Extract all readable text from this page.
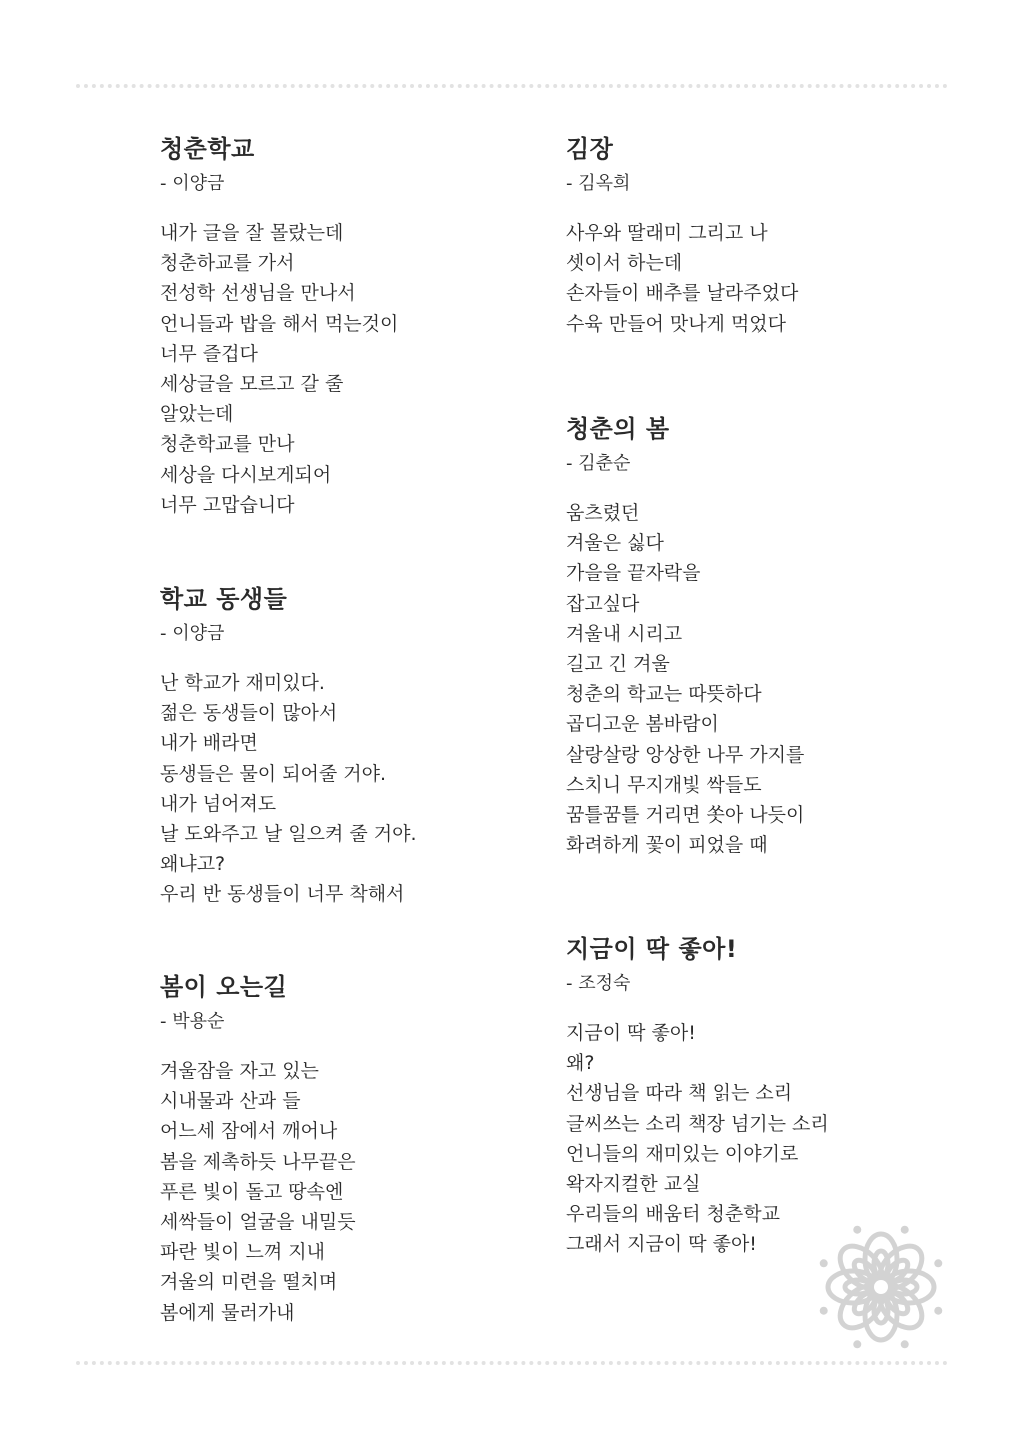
청춘학교
- 이양금
내가 글을 잘 몰랐는데
청춘하교를 가서
전성학 선생님을 만나서
언니들과 밥을 해서 먹는것이
너무 즐겁다
세상글을 모르고 갈 줄
알았는데
청춘학교를 만나
세상을 다시보게되어
너무 고맙습니다
학교 동생들
- 이양금
난 학교가 재미있다.
젊은 동생들이 많아서
내가 배라면
동생들은 물이 되어줄 거야.
내가 넘어져도
날 도와주고 날 일으켜 줄 거야.
왜냐고?
우리 반 동생들이 너무 착해서
봄이 오는길
- 박용순
겨울잠을 자고 있는
시내물과 산과 들
어느세 잠에서 깨어나
봄을 제촉하듯 나무끝은
푸른 빛이 돌고 땅속엔
세싹들이 얼굴을 내밀듯
파란 빛이 느껴 지내
겨울의 미련을 떨치며
봄에게 물러가내
김장
- 김옥희
사우와 딸래미 그리고 나
셋이서 하는데
손자들이 배추를 날라주었다
수육 만들어 맛나게 먹었다
청춘의 봄
- 김춘순
움츠렸던
겨울은 싫다
가을을 끝자락을
잡고싶다
겨울내 시리고
길고 긴 겨울
청춘의 학교는 따뜻하다
곱디고운 봄바람이
살랑살랑 앙상한 나무 가지를
스치니 무지개빛 싹들도
꿈틀꿈틀 거리면 쏫아 나듯이
화려하게 꽃이 피었을 때
지금이 딱 좋아!
- 조정숙
지금이 딱 좋아!
왜?
선생님을 따라 책 읽는 소리
글씨쓰는 소리 책장 넘기는 소리
언니들의 재미있는 이야기로
왁자지컬한 교실
우리들의 배움터 청춘학교
그래서 지금이 딱 좋아!
